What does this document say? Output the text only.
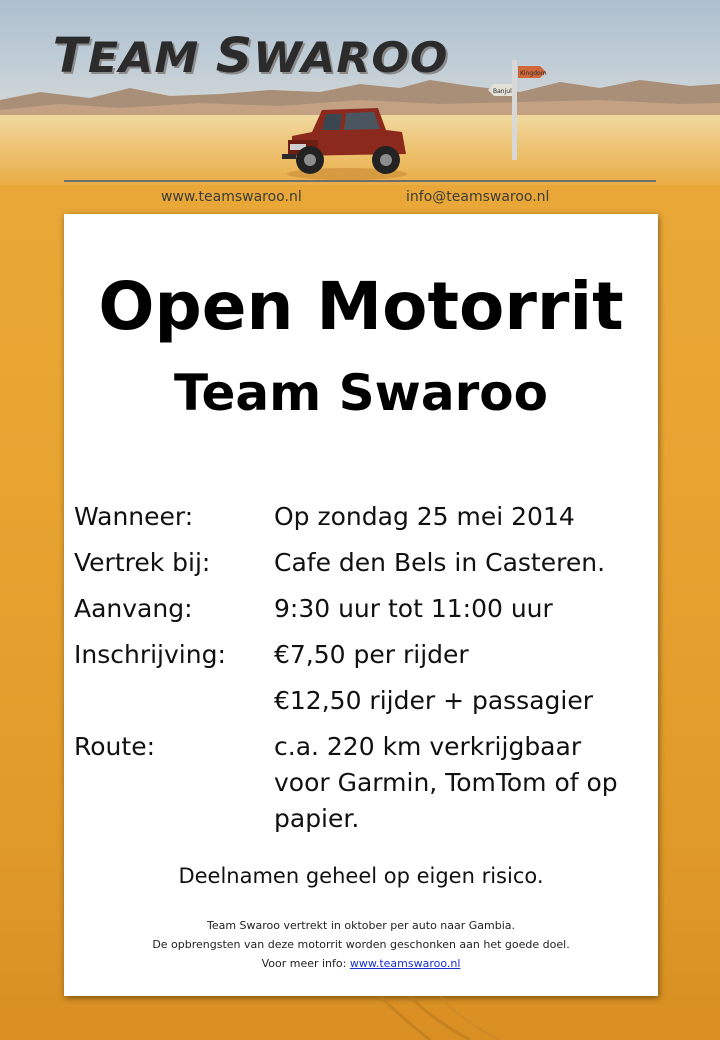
TEAM SWAROO	Kingdom
Banjul
www.teamswaroo.nl	info@teamswaroo.nl
Open Motorrit
Team Swaroo
Wanneer:	Op zondag 25 mei 2014
Vertrek bij:	Cafe den Bels in Casteren.
Aanvang:	9:30 uur tot 11:00 uur
Inschrijving: €7,50 per rijder
€12,50 rijder + passagier
Route:	c.a. 220 km verkrijgbaar
voor Garmin, TomTom of op
papier.
Deelnamen geheel op eigen risico.
Team Swaroo vertrekt in oktober per auto naar Gambia.
De opbrengsten van deze motorrit worden geschonken aan het goede doel.
Voor meer info: www.teamswaroo.nl
